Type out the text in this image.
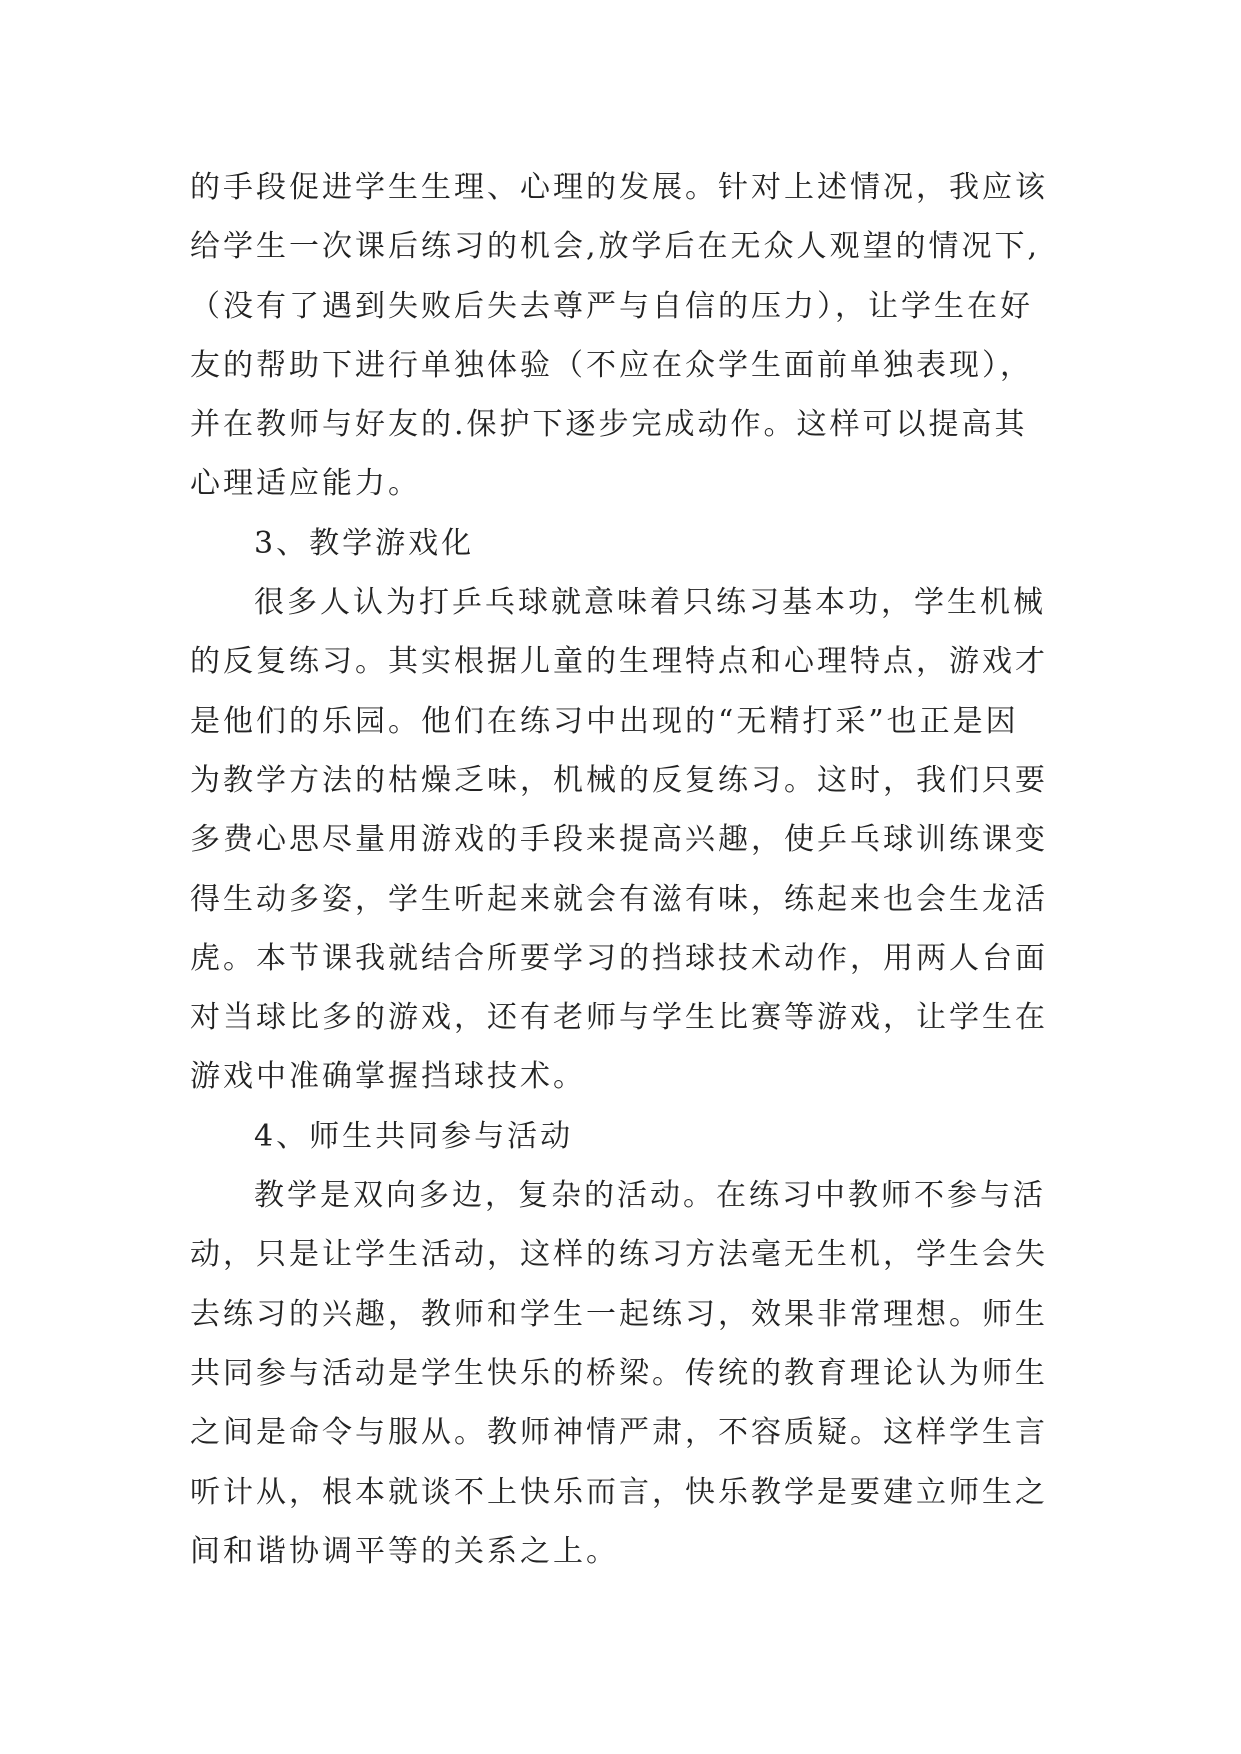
的手段促进学生生理、心理的发展。针对上述情况，我应该
给学生一次课后练习的机会,放学后在无众人观望的情况下,
（没有了遇到失败后失去尊严与自信的压力），让学生在好
友的帮助下进行单独体验（不应在众学生面前单独表现），
并在教师与好友的.保护下逐步完成动作。这样可以提高其
心理适应能力。
3、教学游戏化
很多人认为打乒乓球就意味着只练习基本功，学生机械
的反复练习。其实根据儿童的生理特点和心理特点，游戏才
是他们的乐园。他们在练习中出现的“无精打采”也正是因
为教学方法的枯燥乏味，机械的反复练习。这时，我们只要
多费心思尽量用游戏的手段来提高兴趣，使乒乓球训练课变
得生动多姿，学生听起来就会有滋有味，练起来也会生龙活
虎。本节课我就结合所要学习的挡球技术动作，用两人台面
对当球比多的游戏，还有老师与学生比赛等游戏，让学生在
游戏中准确掌握挡球技术。
4、师生共同参与活动
教学是双向多边，复杂的活动。在练习中教师不参与活
动，只是让学生活动，这样的练习方法毫无生机，学生会失
去练习的兴趣，教师和学生一起练习，效果非常理想。师生
共同参与活动是学生快乐的桥梁。传统的教育理论认为师生
之间是命令与服从。教师神情严肃，不容质疑。这样学生言
听计从，根本就谈不上快乐而言，快乐教学是要建立师生之
间和谐协调平等的关系之上。
